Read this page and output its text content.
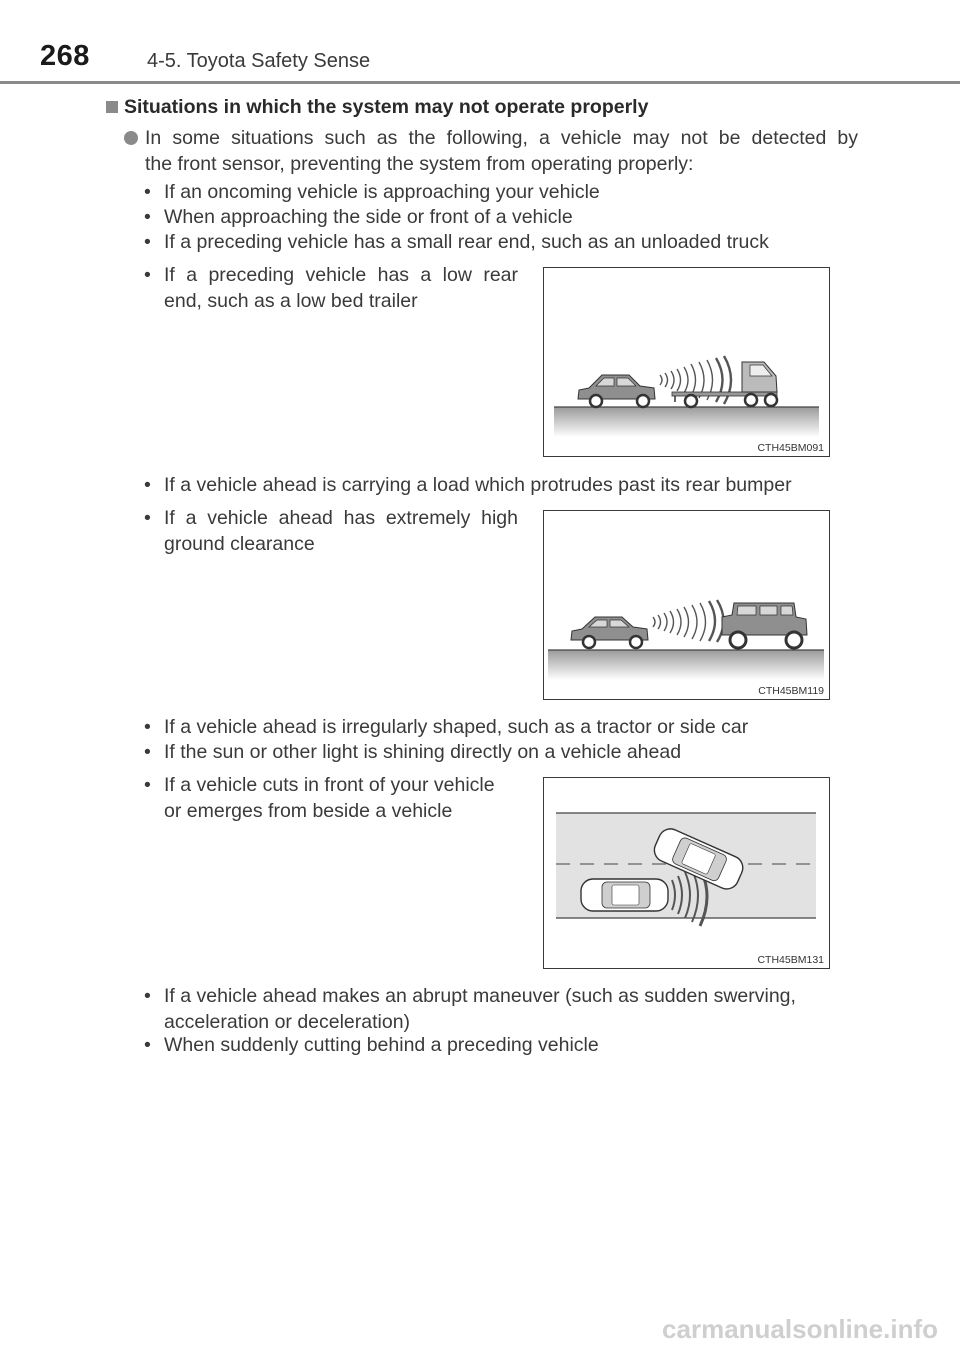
268	4-5. Toyota Safety Sense
Situations in which the system may not operate properly
In some situations such as the following, a vehicle may not be detected by
the front sensor, preventing the system from operating properly:
• If an oncoming vehicle is approaching your vehicle
• When approaching the side or front of a vehicle
• If a preceding vehicle has a small rear end, such as an unloaded truck
• If a preceding vehicle has a low rear
end, such as a low bed trailer
CTH45BM091
• If a vehicle ahead is carrying a load which protrudes past its rear bumper
• If a vehicle ahead has extremely high
ground clearance
CTH45BM119
• If a vehicle ahead is irregularly shaped, such as a tractor or side car
• If the sun or other light is shining directly on a vehicle ahead
• If a vehicle cuts in front of your vehicle
or emerges from beside a vehicle
CTH45BM131
• If a vehicle ahead makes an abrupt maneuver (such as sudden swerving,
acceleration or deceleration)
• When suddenly cutting behind a preceding vehicle
carmanualsonline.info
